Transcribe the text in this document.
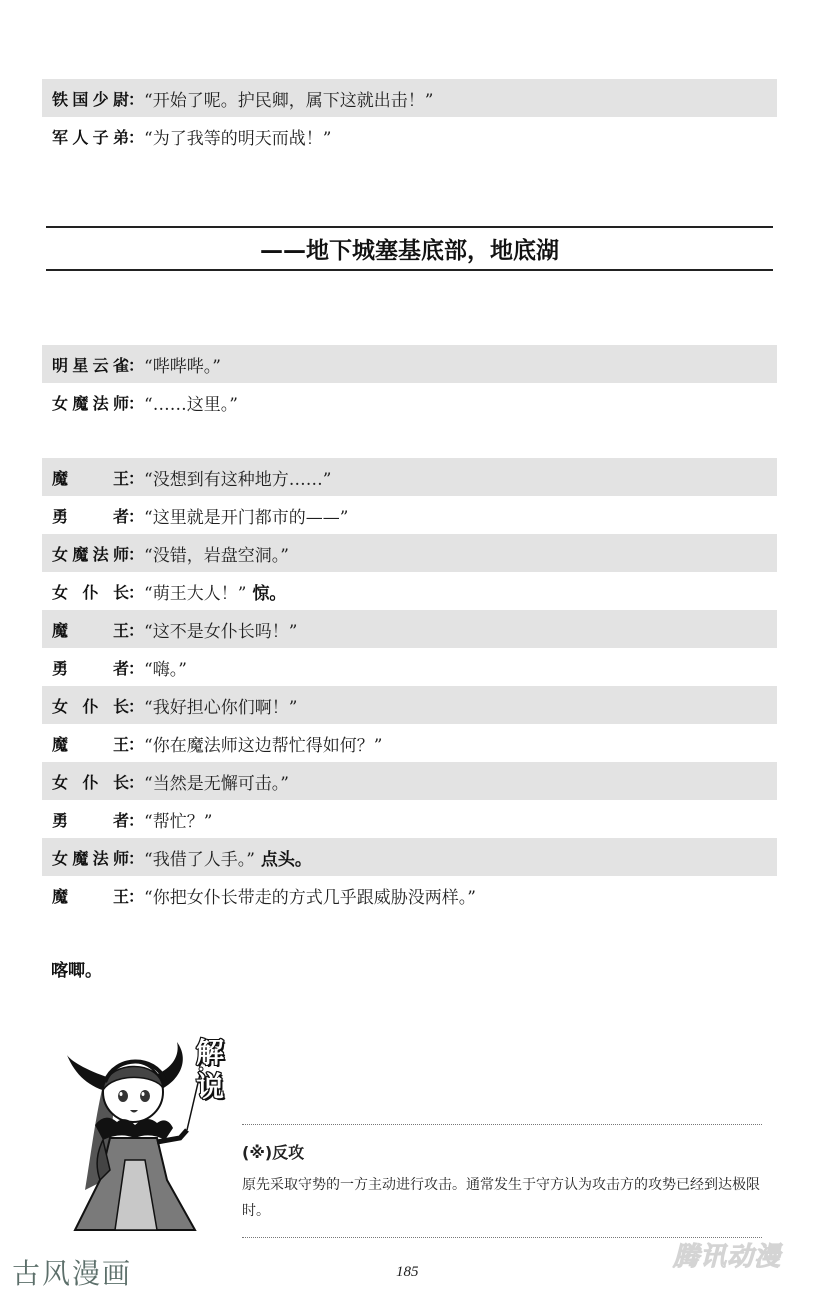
铁 国 少 尉 ： “开始了呢。护民卿，属下这就出击！”
军 人 子 弟 ： “为了我等的明天而战！”
——地下城塞基底部，地底湖
明 星 云 雀 ： “哔哔哔。”
女 魔 法 师 ： “……这里。”
魔	王 ： “没想到有这种地方……”
勇	者 ： “这里就是开门都市的——”
女 魔 法 师 ： “没错，岩盘空洞。”
女 仆 长 ： “萌王大人！” 惊。
魔	王 ： “这不是女仆长吗！”
勇	者 ： “嗨。”
女 仆 长 ： “我好担心你们啊！”
魔	王 ： “你在魔法师这边帮忙得如何？”
女 仆 长 ： “当然是无懈可击。”
勇	者 ： “帮忙？”
女 魔 法 师 ： “我借了人手。” 点头。
魔	王 ： “你把女仆长带走的方式几乎跟威胁没两样。”
喀唧。
解
说
(※)反攻
原先采取守势的一方主动进行攻击。通常发生于守方认为攻击方的攻势已经到达极限时。
古风漫画	185	腾讯动漫
